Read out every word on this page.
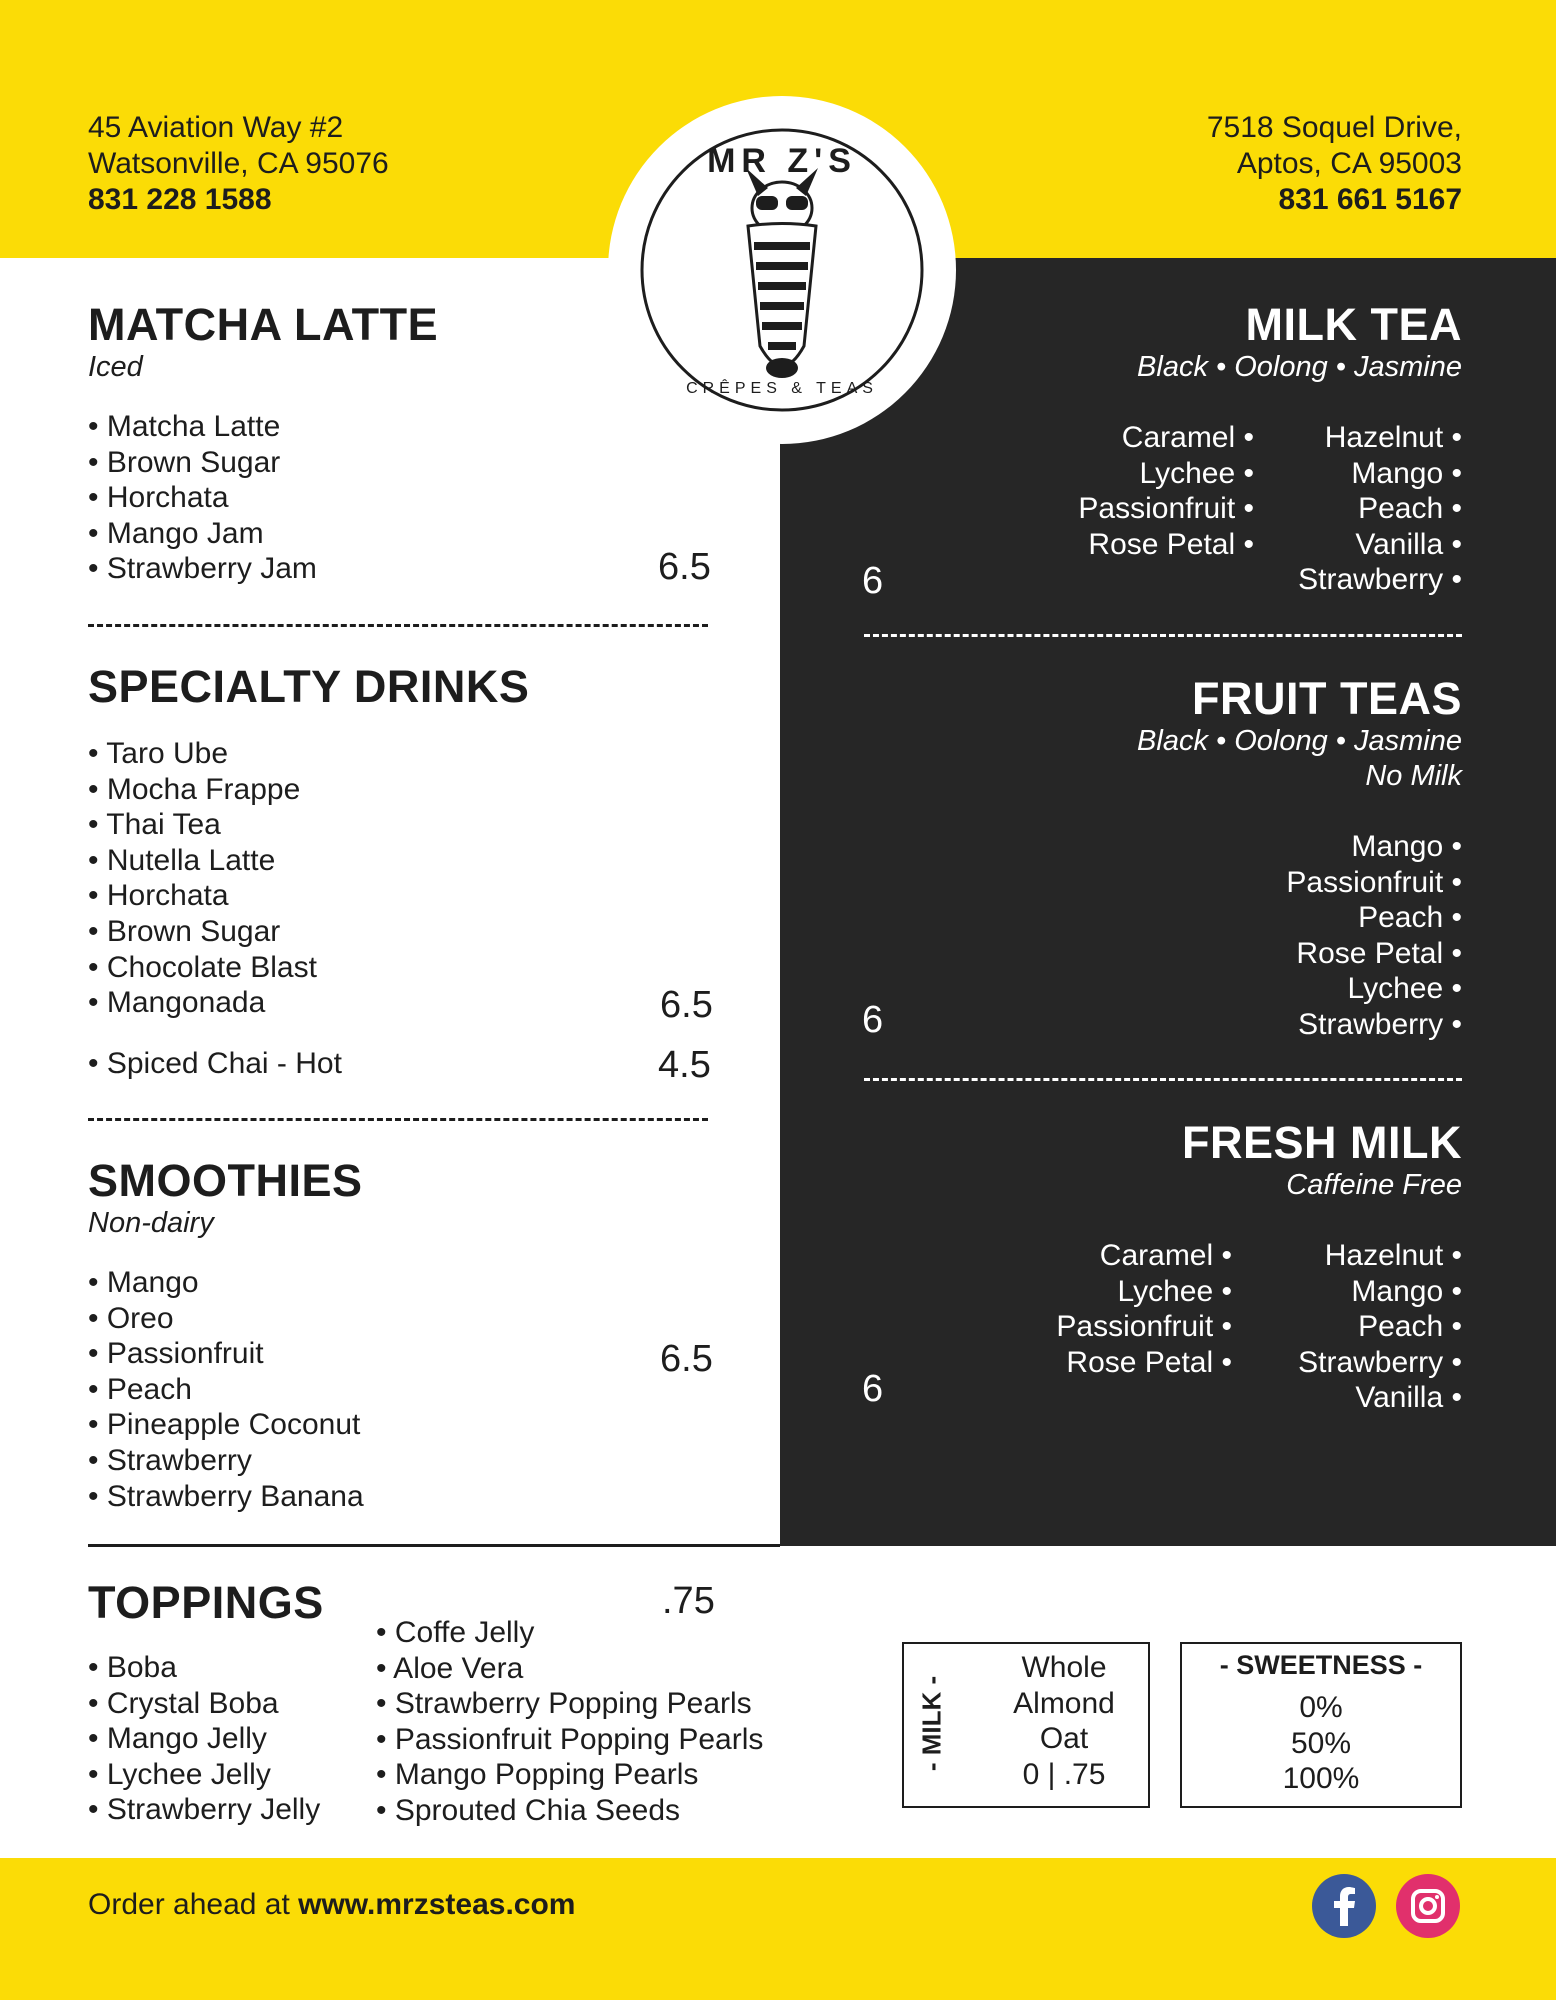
45 Aviation Way #2
Watsonville, CA 95076
831 228 1588
7518 Soquel Drive,
Aptos, CA 95003
831 661 5167
MR Z'S
CRÊPES & TEAS
MATCHA LATTE
Iced
• Matcha Latte
• Brown Sugar
• Horchata
• Mango Jam
• Strawberry Jam	6.5
SPECIALTY DRINKS
• Taro Ube
• Mocha Frappe
• Thai Tea
• Nutella Latte
• Horchata
• Brown Sugar
• Chocolate Blast
• Mangonada	6.5
• Spiced Chai - Hot	4.5
SMOOTHIES
Non-dairy
• Mango
• Oreo
• Passionfruit
• Peach
• Pineapple Coconut
• Strawberry
• Strawberry Banana
6.5
MILK TEA
Black • Oolong • Jasmine
Caramel •
Lychee •
Passionfruit •
Rose Petal •
Hazelnut •
Mango •
Peach •
Vanilla •
Strawberry •
6
FRUIT TEAS
Black • Oolong • Jasmine
No Milk
Mango •
Passionfruit •
Peach •
Rose Petal •
Lychee •
Strawberry •
6
FRESH MILK
Caffeine Free
Caramel •
Lychee •
Passionfruit •
Rose Petal •
Hazelnut •
Mango •
Peach •
Strawberry •
Vanilla •
6
TOPPINGS	.75
• Boba
• Crystal Boba
• Mango Jelly
• Lychee Jelly
• Strawberry Jelly
• Coffe Jelly
• Aloe Vera
• Strawberry Popping Pearls
• Passionfruit Popping Pearls
• Mango Popping Pearls
• Sprouted Chia Seeds
- MILK -
Whole
Almond
Oat
0 | .75
- SWEETNESS -
0%
50%
100%
Order ahead at www.mrzsteas.com
